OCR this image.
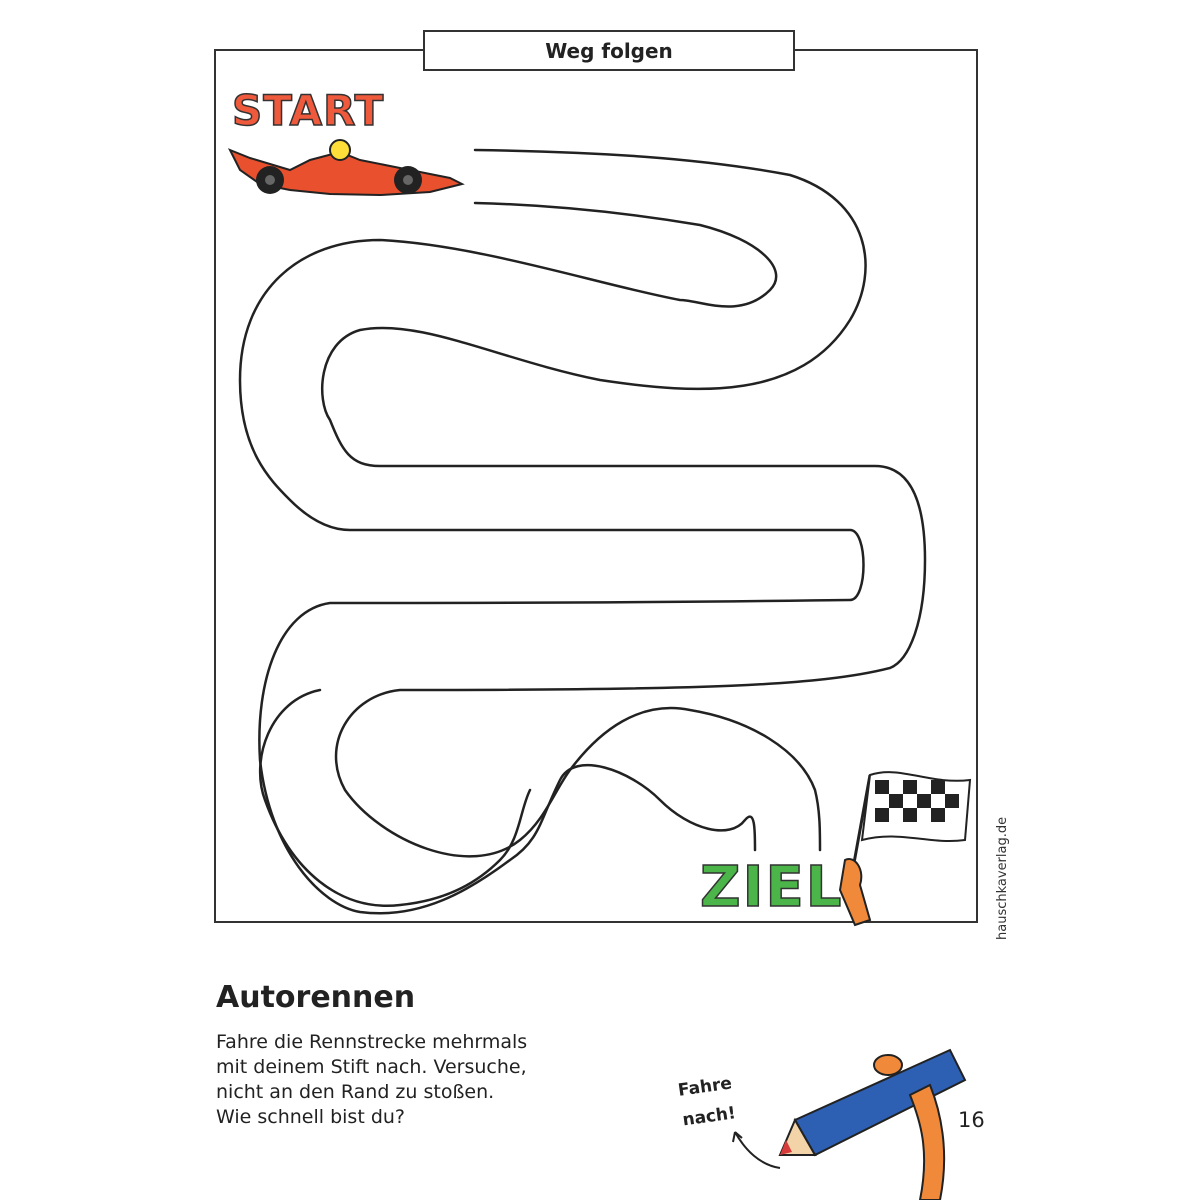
Weg folgen
START
ZIEL	hauschkaverlag.de
Autorennen
Fahre die Rennstrecke mehrmals
mit deinem Stift nach. Versuche,
nicht an den Rand zu stoßen.
Wie schnell bist du?
Fahre
nach!	16
